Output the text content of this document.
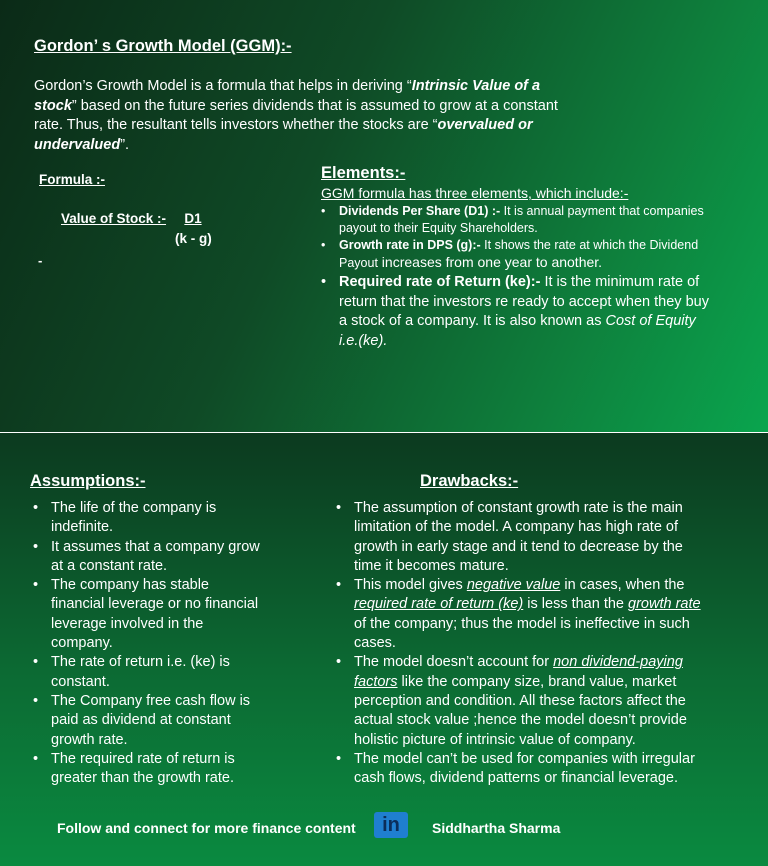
Gordon’ s Growth Model (GGM):-
Gordon’s Growth Model is a formula that helps in deriving “Intrinsic Value of a stock” based on the future series dividends that is assumed to grow at a constant rate. Thus, the resultant tells investors whether the stocks are “overvalued or undervalued”.
Formula :-
Value of Stock :-	D1
(k - g)
-
Elements:-
GGM formula has three elements, which include:-
• Dividends Per Share (D1) :- It is annual payment that companies payout to their Equity Shareholders.
• Growth rate in DPS (g):- It shows the rate at which the Dividend Payout increases from one year to another.
• Required rate of Return (ke):- It is the minimum rate of return that the investors re ready to accept when they buy a stock of a company. It is also known as Cost of Equity i.e.(ke).
Assumptions:-
• The life of the company is indefinite.
• It assumes that a company grow at a constant rate.
• The company has stable financial leverage or no financial leverage involved in the company.
• The rate of return i.e. (ke) is constant.
• The Company free cash flow is paid as dividend at constant growth rate.
• The required rate of return is greater than the growth rate.
Drawbacks:-
• The assumption of constant growth rate is the main limitation of the model. A company has high rate of growth in early stage and it tend to decrease by the time it becomes mature.
• This model gives negative value in cases, when the required rate of return (ke) is less than the growth rate of the company; thus the model is ineffective in such cases.
• The model doesn’t account for non dividend-paying factors like the company size, brand value, market perception and condition. All these factors affect the actual stock value ;hence the model doesn’t provide holistic picture of intrinsic value of company.
• The model can’t be used for companies with irregular cash flows, dividend patterns or financial leverage.
Follow and connect for more finance content	in	Siddhartha Sharma
